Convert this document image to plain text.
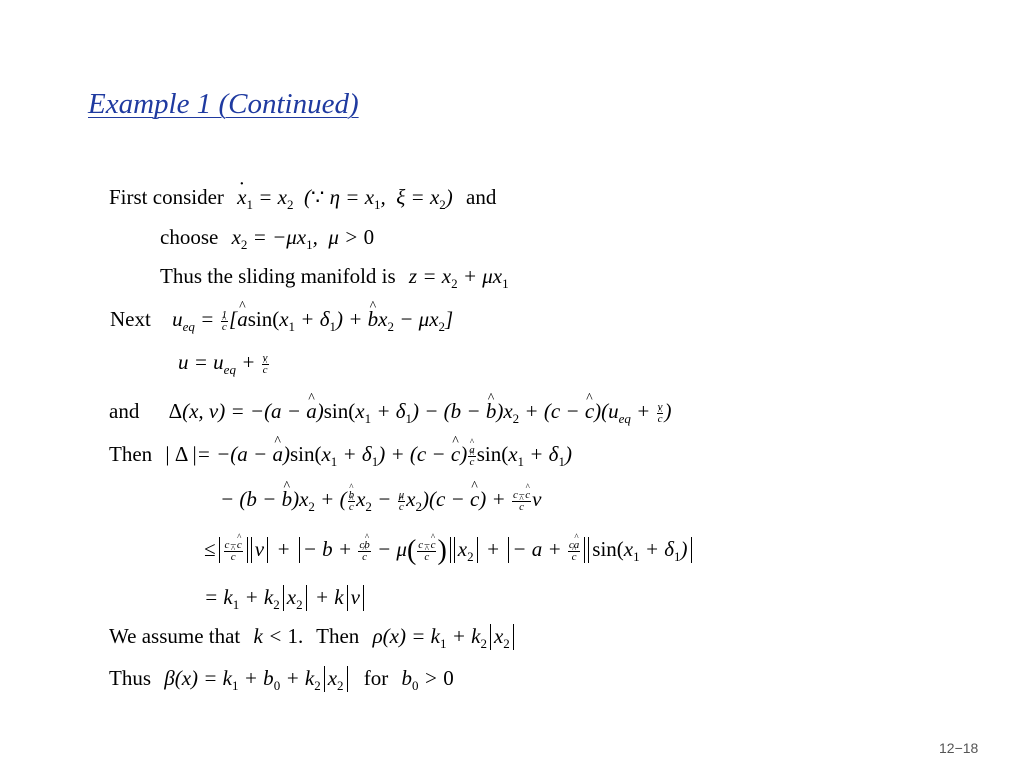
Example 1 (Continued)
First consider · $x_1 = x_2$  (∵ $\eta = x_1$,  $\xi = x_2$) and
choose $x_2 = -\mu x_1$,  μ > 0
Thus the sliding manifold is $z = x_2 + \mu x_1$
Next $u_{eq} = 1$
^ c [^ $asin(x_1 + \delta_1)$ + ^ $bx_2 - \mu x_2$]
$u = u_{eq} + v$
^ c
and Δ(x, v) = −(a − ^ $a)\sin(x_1 + \delta_1) - (b$ − ^ $b)x_2 + (c$ − ^ $c)(u_{eq} + v$
^ c )
Then | Δ |= −(a − ^ $a)\sin(x_1 + \delta_1) + (c$ − ^ c) ^ a
^ c $\sin(x_1 + \delta_1)$
− (b − ^ $b)x_2$ + ( ^ b
^ c $x_2 - \mu$
^ c $x_2)(c$ − ^ c) + c−^ c
^ c v
≤ c−^ c
^ c v + − b + c^ b
^ c − μ( c−^ c
^ c ) $x_2$ + − a + c^ a
^ c $\sin(x_1 + \delta_1)$
= $k_1 + k_2$ $x_2 + k$ v
We assume that k < 1. Then $\rho(x) = k_1 + k_2$ $x_2$
Thus $\beta(x) = k_1 + b_0 + k_2$ $x_2$ for $b_0 > 0$
12−18
